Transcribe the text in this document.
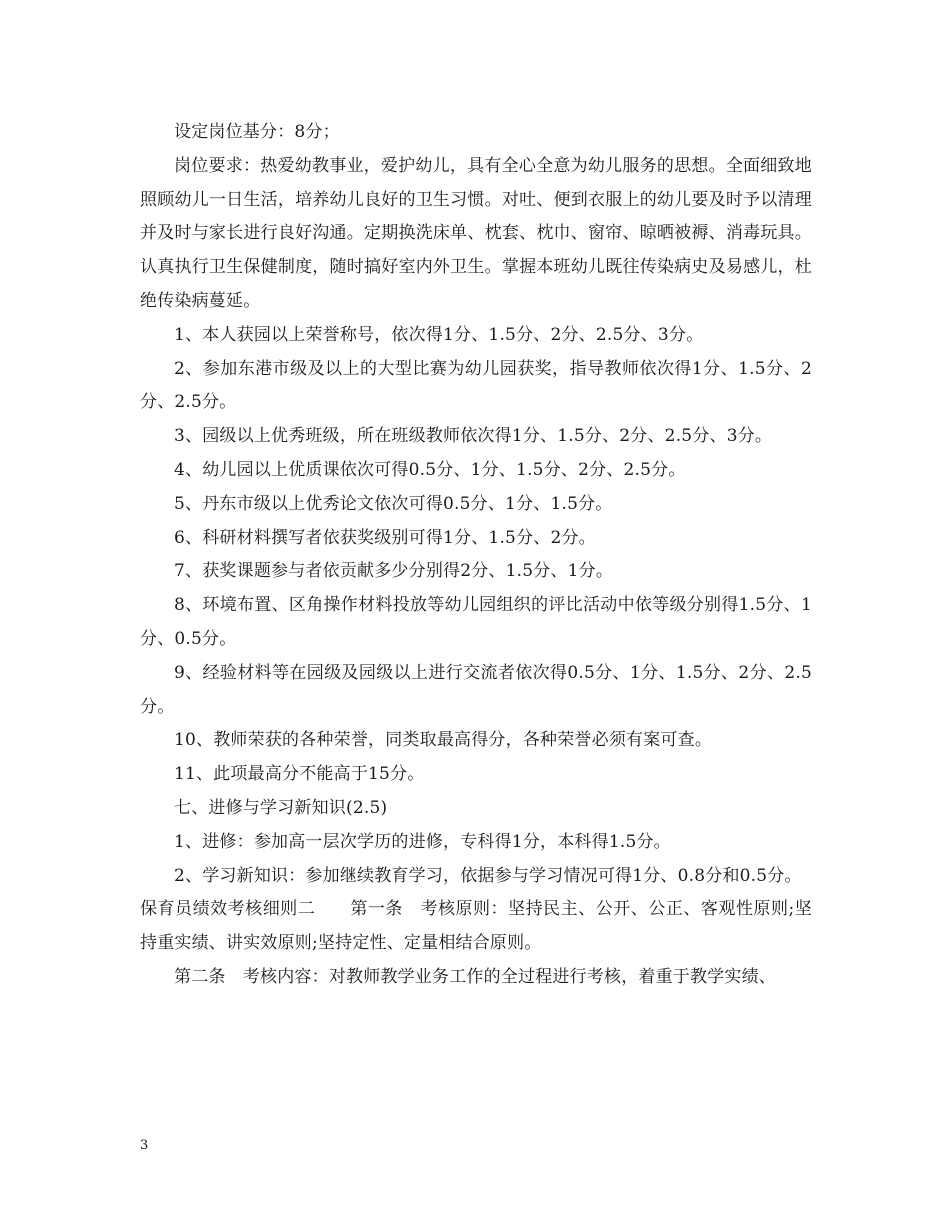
设定岗位基分：8分；

岗位要求：热爱幼教事业，爱护幼儿，具有全心全意为幼儿服务的思想。全面细致地照顾幼儿一日生活，培养幼儿良好的卫生习惯。对吐、便到衣服上的幼儿要及时予以清理并及时与家长进行良好沟通。定期换洗床单、枕套、枕巾、窗帘、晾晒被褥、消毒玩具。认真执行卫生保健制度，随时搞好室内外卫生。掌握本班幼儿既往传染病史及易感儿，杜绝传染病蔓延。

1、本人获园以上荣誉称号，依次得1分、1.5分、2分、2.5分、3分。

2、参加东港市级及以上的大型比赛为幼儿园获奖，指导教师依次得1分、1.5分、2分、2.5分。

3、园级以上优秀班级，所在班级教师依次得1分、1.5分、2分、2.5分、3分。

4、幼儿园以上优质课依次可得0.5分、1分、1.5分、2分、2.5分。

5、丹东市级以上优秀论文依次可得0.5分、1分、1.5分。

6、科研材料撰写者依获奖级别可得1分、1.5分、2分。

7、获奖课题参与者依贡献多少分别得2分、1.5分、1分。

8、环境布置、区角操作材料投放等幼儿园组织的评比活动中依等级分别得1.5分、1分、0.5分。

9、经验材料等在园级及园级以上进行交流者依次得0.5分、1分、1.5分、2分、2.5分。

10、教师荣获的各种荣誉，同类取最高得分，各种荣誉必须有案可查。

11、此项最高分不能高于15分。

七、进修与学习新知识(2.5)

1、进修：参加高一层次学历的进修，专科得1分，本科得1.5分。

2、学习新知识：参加继续教育学习，依据参与学习情况可得1分、0.8分和0.5分。

保育员绩效考核细则二　　第一条　考核原则：坚持民主、公开、公正、客观性原则;坚持重实绩、讲实效原则;坚持定性、定量相结合原则。

第二条　考核内容：对教师教学业务工作的全过程进行考核，着重于教学实绩、

3
